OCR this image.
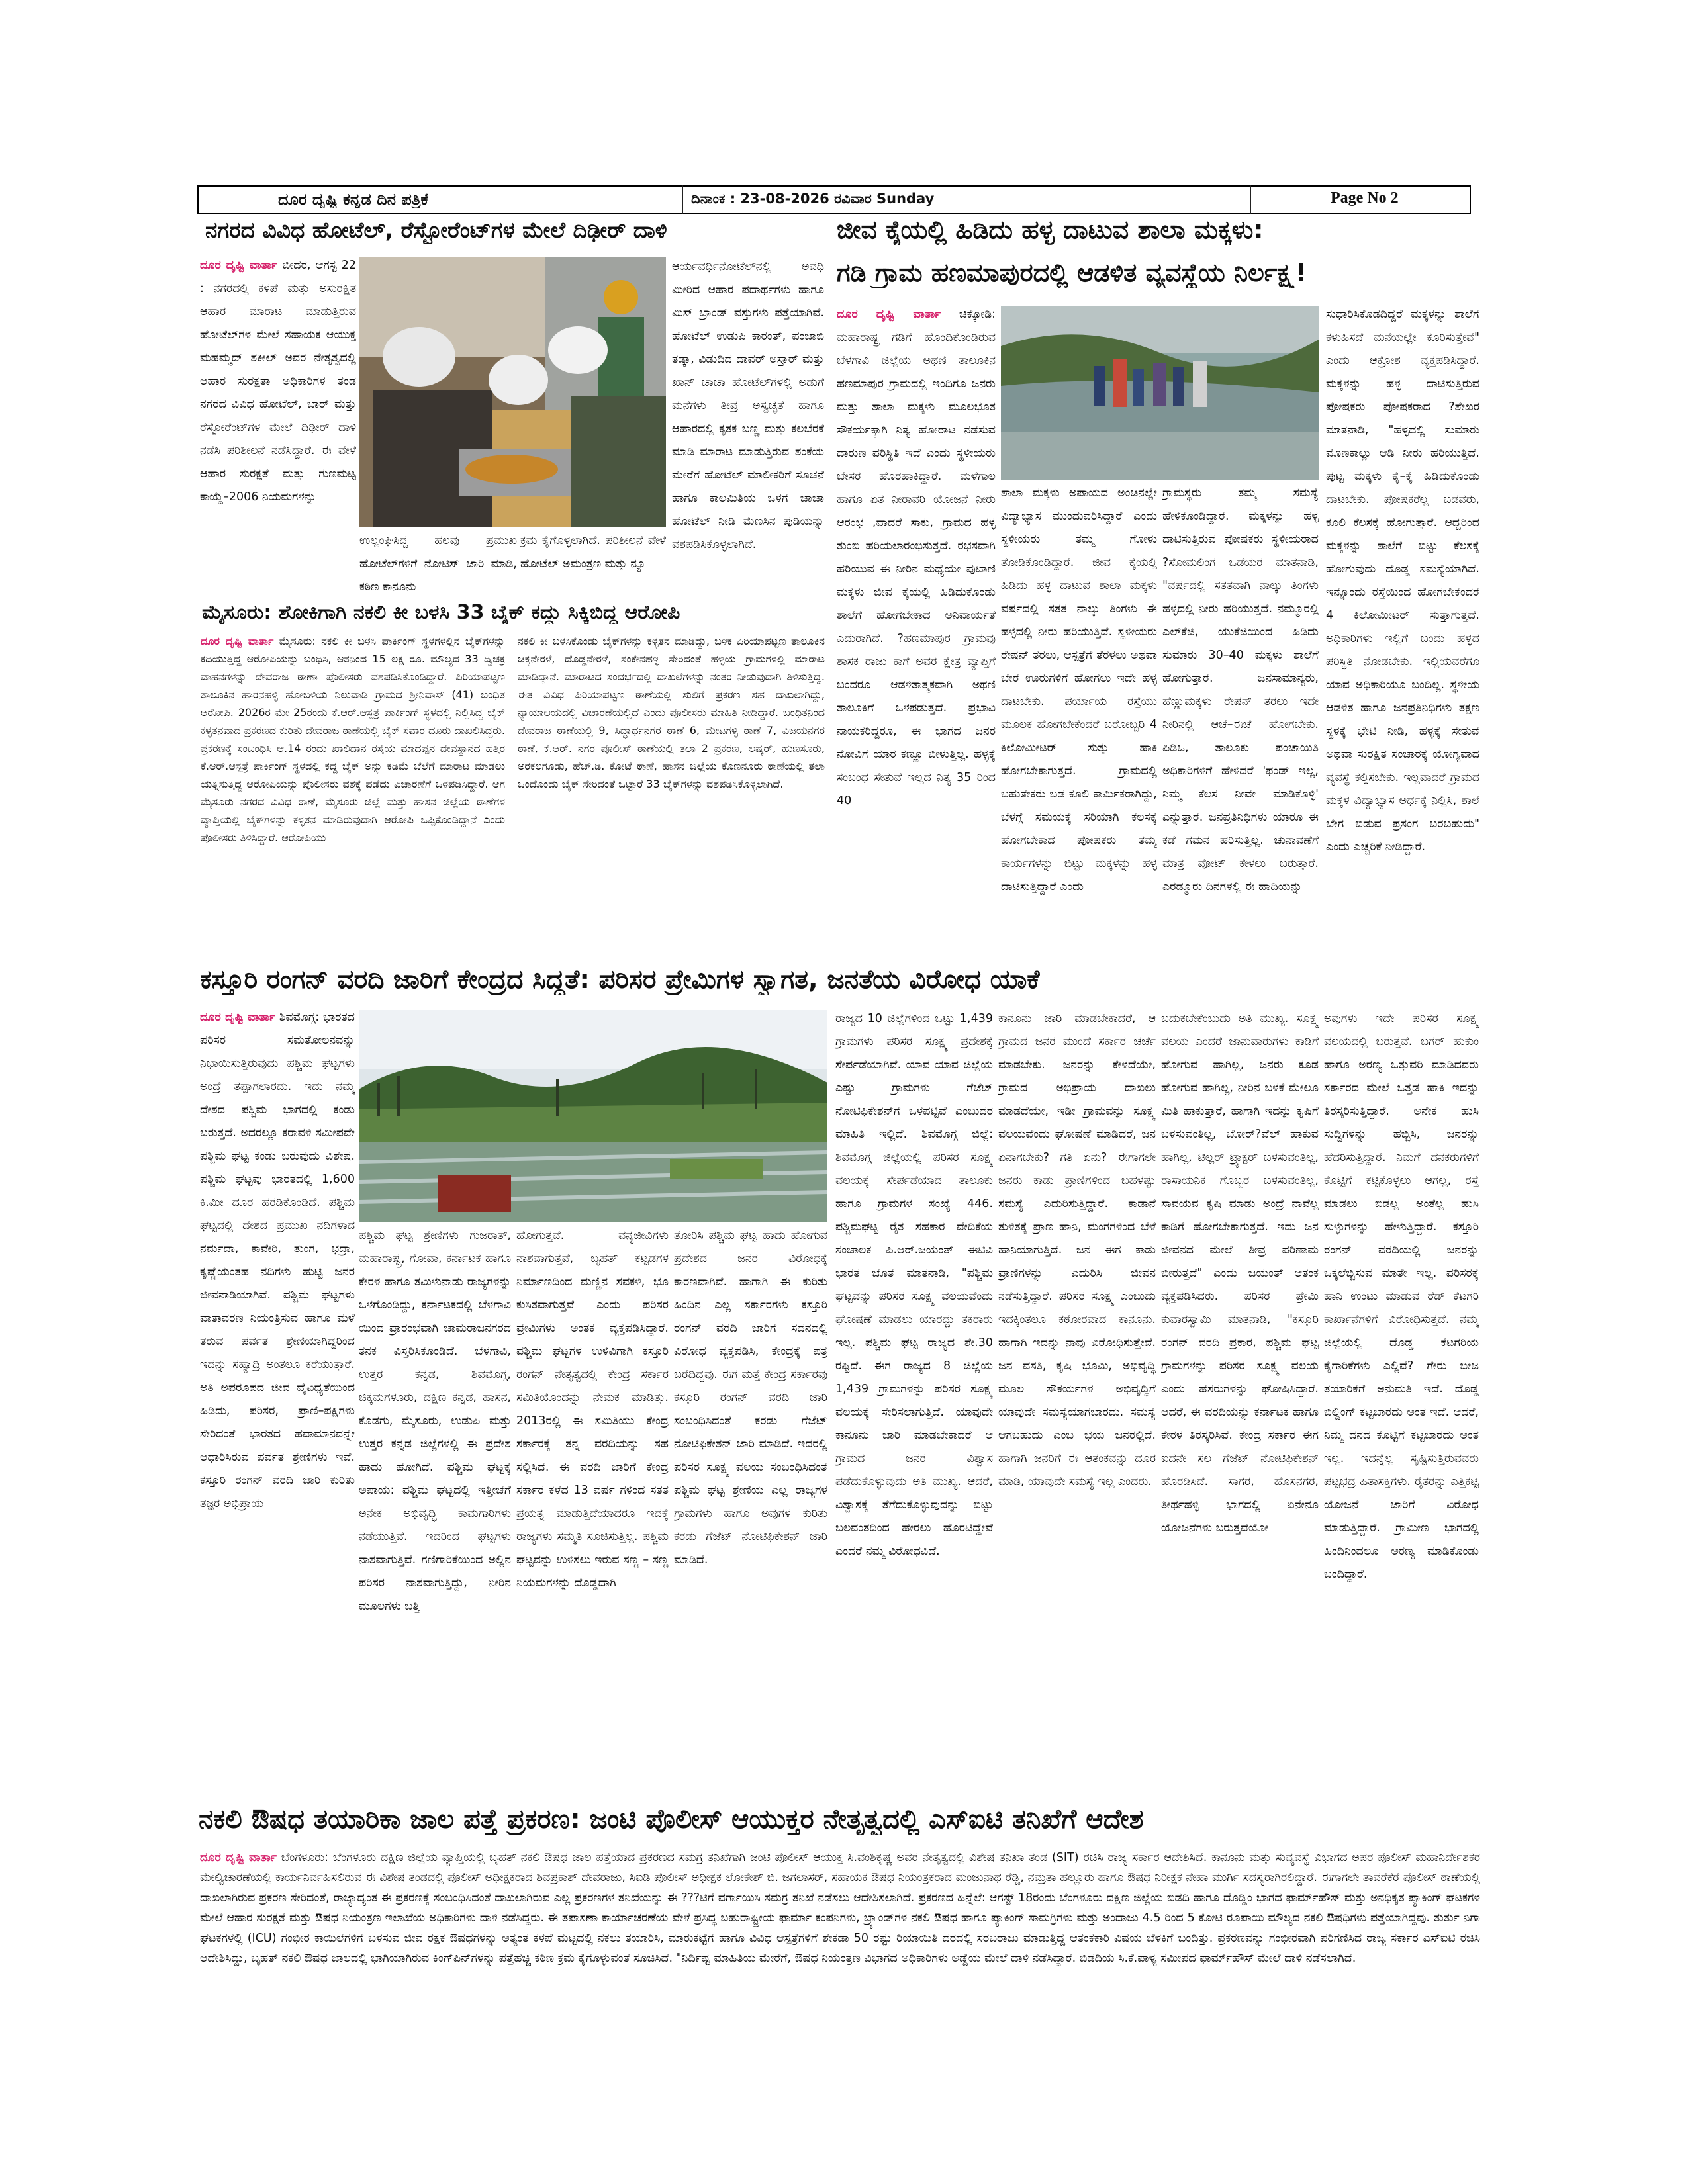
ದೂರ ದೃಷ್ಟಿ ಕನ್ನಡ ದಿನ ಪತ್ರಿಕೆ	ದಿನಾಂಕ : 23-08-2026 ರವಿವಾರ Sunday	Page No 2
ನಗರದ ವಿವಿಧ ಹೋಟೆಲ್, ರೆಸ್ಟೋರೆಂಟ್‌ಗಳ ಮೇಲೆ ದಿಢೀರ್ ದಾಳಿ
ದೂರ ದೃಷ್ಟಿ ವಾರ್ತಾ ಬೀದರ, ಆಗಸ್ಟ 22 : ನಗರದಲ್ಲಿ ಕಳಪೆ ಮತ್ತು ಅಸುರಕ್ಷಿತ ಆಹಾರ ಮಾರಾಟ ಮಾಡುತ್ತಿರುವ ಹೋಟೆಲ್‌ಗಳ ಮೇಲೆ ಸಹಾಯಕ ಆಯುಕ್ತ ಮಹಮ್ಮದ್ ಶಕೀಲ್ ಅವರ ನೇತೃತ್ವದಲ್ಲಿ ಆಹಾರ ಸುರಕ್ಷತಾ ಅಧಿಕಾರಿಗಳ ತಂಡ ನಗರದ ವಿವಿಧ ಹೋಟೆಲ್, ಬಾರ್ ಮತ್ತು ರೆಸ್ಟೋರೆಂಟ್‌ಗಳ ಮೇಲೆ ದಿಢೀರ್ ದಾಳಿ ನಡೆಸಿ ಪರಿಶೀಲನೆ ನಡೆಸಿದ್ದಾರೆ. ಈ ವೇಳೆ ಆಹಾರ ಸುರಕ್ಷತೆ ಮತ್ತು ಗುಣಮಟ್ಟ ಕಾಯ್ದೆ–2006 ನಿಯಮಗಳನ್ನು
ಉಲ್ಲಂಘಿಸಿದ್ದ ಹಲವು ಪ್ರಮುಖ ಹೋಟೆಲ್‌ಗಳಿಗೆ ನೋಟಿಸ್ ಜಾರಿ ಮಾಡಿ, ಕಠಿಣ ಕಾನೂನು
ಕ್ರಮ ಕೈಗೊಳ್ಳಲಾಗಿದೆ. ಪರಿಶೀಲನೆ ವೇಳೆ ಹೋಟೆಲ್ ಅಮಂತ್ರಣ ಮತ್ತು ನ್ಯೂ
ಆರ್ಯವರ್ಧಿನೋಟೆಲ್‌ನಲ್ಲಿ ಅವಧಿ ಮೀರಿದ ಆಹಾರ ಪದಾರ್ಥಗಳು ಹಾಗೂ ಮಿಸ್ ಬ್ರಾಂಡ್ ವಸ್ತುಗಳು ಪತ್ತೆಯಾಗಿವೆ. ಹೋಟೆಲ್ ಉಡುಪಿ ಕಾರಂತ್, ಪಂಜಾಬಿ ತಡ್ಕಾ, ವಿಡುದಿದ ದಾವರ್ ಅಸ್ತಾರ್ ಮತ್ತು ಖಾನ್ ಚಾಚಾ ಹೋಟೆಲ್‌ಗಳಲ್ಲಿ ಅಡುಗೆ ಮನೆಗಳು ತೀವ್ರ ಅಸ್ವಚ್ಛತೆ ಹಾಗೂ ಆಹಾರದಲ್ಲಿ ಕೃತಕ ಬಣ್ಣ ಮತ್ತು ಕಲಬೆರಕೆ ಮಾಡಿ ಮಾರಾಟ ಮಾಡುತ್ತಿರುವ ಶಂಕೆಯ ಮೇರೆಗೆ ಹೋಟೆಲ್ ಮಾಲೀಕರಿಗೆ ಸೂಚನೆ ಹಾಗೂ ಕಾಲಮಿತಿಯ ಒಳಗೆ ಚಾಚಾ ಹೋಟೆಲ್ ನೀಡಿ ಮೆಣಸಿನ ಪುಡಿಯನ್ನು ವಶಪಡಿಸಿಕೊಳ್ಳಲಾಗಿದೆ.
ಮೈಸೂರು: ಶೋಕಿಗಾಗಿ ನಕಲಿ ಕೀ ಬಳಸಿ 33 ಬೈಕ್ ಕದ್ದು ಸಿಕ್ಕಿಬಿದ್ದ ಆರೋಪಿ
ದೂರ ದೃಷ್ಟಿ ವಾರ್ತಾ ಮೈಸೂರು: ನಕಲಿ ಕೀ ಬಳಸಿ ಪಾರ್ಕಿಂಗ್ ಸ್ಥಳಗಳಲ್ಲಿನ ಬೈಕ್‌ಗಳನ್ನು ಕದಿಯುತ್ತಿದ್ದ ಆರೋಪಿಯನ್ನು ಬಂಧಿಸಿ, ಆತನಿಂದ 15 ಲಕ್ಷ ರೂ. ಮೌಲ್ಯದ 33 ದ್ವಿಚಕ್ರ ವಾಹನಗಳನ್ನು ದೇವರಾಜ ಠಾಣಾ ಪೊಲೀಸರು ವಶಪಡಿಸಿಕೊಂಡಿದ್ದಾರೆ. ಪಿರಿಯಾಪಟ್ಟಣ ತಾಲೂಕಿನ ಹಾರನಹಳ್ಳಿ ಹೋಬಳಿಯ ನಿಲುವಾಡಿ ಗ್ರಾಮದ ಶ್ರೀನಿವಾಸ್ (41) ಬಂಧಿತ ಆರೋಪಿ. 2026ರ ಮೇ 25ರಂದು ಕೆ.ಆರ್.ಆಸ್ಪತ್ರೆ ಪಾರ್ಕಿಂಗ್ ಸ್ಥಳದಲ್ಲಿ ನಿಲ್ಲಿಸಿದ್ದ ಬೈಕ್ ಕಳ್ಳತನವಾದ ಪ್ರಕರಣದ ಕುರಿತು ದೇವರಾಜ ಠಾಣೆಯಲ್ಲಿ ಬೈಕ್ ಸವಾರ ದೂರು ದಾಖಲಿಸಿದ್ದರು. ಪ್ರಕರಣಕ್ಕೆ ಸಂಬಂಧಿಸಿ ಆ.14 ರಂದು ಖಾಲಿದಾನ ರಸ್ತೆಯ ಮಾದಪ್ಪನ ದೇವಸ್ಥಾನದ ಹತ್ತಿರ ಕೆ.ಆರ್.ಆಸ್ಪತ್ರೆ ಪಾರ್ಕಿಂಗ್ ಸ್ಥಳದಲ್ಲಿ ಕದ್ದ ಬೈಕ್ ಅನ್ನು ಕಡಿಮೆ ಬೆಲೆಗೆ ಮಾರಾಟ ಮಾಡಲು ಯತ್ನಿಸುತ್ತಿದ್ದ ಆರೋಪಿಯನ್ನು ಪೊಲೀಸರು ವಶಕ್ಕೆ ಪಡೆದು ವಿಚಾರಣೆಗೆ ಒಳಪಡಿಸಿದ್ದಾರೆ. ಆಗ ಮೈಸೂರು ನಗರದ ವಿವಿಧ ಠಾಣೆ, ಮೈಸೂರು ಜಿಲ್ಲೆ ಮತ್ತು ಹಾಸನ ಜಿಲ್ಲೆಯ ಠಾಣೆಗಳ ವ್ಯಾಪ್ತಿಯಲ್ಲಿ ಬೈಕ್‌ಗಳನ್ನು ಕಳ್ಳತನ ಮಾಡಿರುವುದಾಗಿ ಆರೋಪಿ ಒಪ್ಪಿಕೊಂಡಿದ್ದಾನೆ ಎಂದು ಪೊಲೀಸರು ತಿಳಿಸಿದ್ದಾರೆ. ಆರೋಪಿಯು
ನಕಲಿ ಕೀ ಬಳಸಿಕೊಂಡು ಬೈಕ್‌ಗಳನ್ನು ಕಳ್ಳತನ ಮಾಡಿದ್ದು, ಬಳಿಕ ಪಿರಿಯಾಪಟ್ಟಣ ತಾಲೂಕಿನ ಚಿಕ್ಕನೇರಳೆ, ದೊಡ್ಡನೇರಳೆ, ಸಂಕೇನಹಳ್ಳಿ ಸೇರಿದಂತೆ ಹಳ್ಳಿಯ ಗ್ರಾಮಗಳಲ್ಲಿ ಮಾರಾಟ ಮಾಡಿದ್ದಾನೆ. ಮಾರಾಟದ ಸಂದರ್ಭದಲ್ಲಿ ದಾಖಲೆಗಳನ್ನು ನಂತರ ನೀಡುವುದಾಗಿ ತಿಳಿಸುತ್ತಿದ್ದ. ಈತ ವಿವಿಧ ಪಿರಿಯಾಪಟ್ಟಣ ಠಾಣೆಯಲ್ಲಿ ಸುಲಿಗೆ ಪ್ರಕರಣ ಸಹ ದಾಖಲಾಗಿದ್ದು, ನ್ಯಾಯಾಲಯದಲ್ಲಿ ವಿಚಾರಣೆಯಲ್ಲಿದೆ ಎಂದು ಪೊಲೀಸರು ಮಾಹಿತಿ ನೀಡಿದ್ದಾರೆ. ಬಂಧಿತನಿಂದ ದೇವರಾಜ ಠಾಣೆಯಲ್ಲಿ 9, ಸಿದ್ಧಾರ್ಥನಗರ ಠಾಣೆ 6, ಮೇಟಗಳ್ಳಿ ಠಾಣೆ 7, ವಿಜಯನಗರ ಠಾಣೆ, ಕೆ.ಆರ್. ನಗರ ಪೊಲೀಸ್ ಠಾಣೆಯಲ್ಲಿ ತಲಾ 2 ಪ್ರಕರಣ, ಲಷ್ಕರ್, ಹುಣಸೂರು, ಅರಕಲಗೂಡು, ಹೆಚ್.ಡಿ. ಕೋಟೆ ಠಾಣೆ, ಹಾಸನ ಜಿಲ್ಲೆಯ ಕೊಣನೂರು ಠಾಣೆಯಲ್ಲಿ ತಲಾ ಒಂದೊಂದು ಬೈಕ್ ಸೇರಿದಂತೆ ಒಟ್ಟಾರೆ 33 ಬೈಕ್‌ಗಳನ್ನು ವಶಪಡಿಸಿಕೊಳ್ಳಲಾಗಿದೆ.
ಜೀವ ಕೈಯಲ್ಲಿ ಹಿಡಿದು ಹಳ್ಳ ದಾಟುವ ಶಾಲಾ ಮಕ್ಕಳು:
ಗಡಿ ಗ್ರಾಮ ಹಣಮಾಪುರದಲ್ಲಿ ಆಡಳಿತ ವ್ಯವಸ್ಥೆಯ ನಿರ್ಲಕ್ಷ್ಯ!
ದೂರ ದೃಷ್ಟಿ ವಾರ್ತಾ ಚಿಕ್ಕೋಡಿ: ಮಹಾರಾಷ್ಟ್ರ ಗಡಿಗೆ ಹೊಂದಿಕೊಂಡಿರುವ ಬೆಳಗಾವಿ ಜಿಲ್ಲೆಯ ಅಥಣಿ ತಾಲೂಕಿನ ಹಣಮಾಪುರ ಗ್ರಾಮದಲ್ಲಿ ಇಂದಿಗೂ ಜನರು ಮತ್ತು ಶಾಲಾ ಮಕ್ಕಳು ಮೂಲಭೂತ ಸೌಕರ್ಯಕ್ಕಾಗಿ ನಿತ್ಯ ಹೋರಾಟ ನಡೆಸುವ ದಾರುಣ ಪರಿಸ್ಥಿತಿ ಇದೆ ಎಂದು ಸ್ಥಳೀಯರು ಬೇಸರ ಹೊರಹಾಕಿದ್ದಾರೆ. ಮಳೆಗಾಲ ಹಾಗೂ ಏತ ನೀರಾವರಿ ಯೋಜನೆ ನೀರು ಆರಂಭ ,ವಾದರೆ ಸಾಕು, ಗ್ರಾಮದ ಹಳ್ಳ ತುಂಬಿ ಹರಿಯಲಾರಂಭಿಸುತ್ತದೆ. ರಭಸವಾಗಿ ಹರಿಯುವ ಈ ನೀರಿನ ಮಧ್ಯೆಯೇ ಪುಟಾಣಿ ಮಕ್ಕಳು ಜೀವ ಕೈಯಲ್ಲಿ ಹಿಡಿದುಕೊಂಡು ಶಾಲೆಗೆ ಹೋಗಬೇಕಾದ ಅನಿವಾರ್ಯತೆ ಎದುರಾಗಿದೆ. ?ಹಣಮಾಪುರ ಗ್ರಾಮವು ಶಾಸಕ ರಾಜು ಕಾಗೆ ಅವರ ಕ್ಷೇತ್ರ ವ್ಯಾಪ್ತಿಗೆ ಬಂದರೂ ಆಡಳಿತಾತ್ಮಕವಾಗಿ ಅಥಣಿ ತಾಲೂಕಿಗೆ ಒಳಪಡುತ್ತದೆ. ಪ್ರಭಾವಿ ನಾಯಕರಿದ್ದರೂ, ಈ ಭಾಗದ ಜನರ ನೋವಿಗೆ ಯಾರ ಕಣ್ಣೂ ಬೀಳುತ್ತಿಲ್ಲ. ಹಳ್ಳಕ್ಕೆ ಸಂಬಂಧ ಸೇತುವೆ ಇಲ್ಲದ ನಿತ್ಯ 35 ರಿಂದ 40
ಶಾಲಾ ಮಕ್ಕಳು ಅಪಾಯದ ಅಂಚಿನಲ್ಲೇ ವಿದ್ಯಾಭ್ಯಾಸ ಮುಂದುವರಿಸಿದ್ದಾರೆ ಎಂದು ಸ್ಥಳೀಯರು ತಮ್ಮ ಗೋಳು ತೋಡಿಕೊಂಡಿದ್ದಾರೆ. ಜೀವ ಕೈಯಲ್ಲಿ ಹಿಡಿದು ಹಳ್ಳ ದಾಟುವ ಶಾಲಾ ಮಕ್ಕಳು ವರ್ಷದಲ್ಲಿ ಸತತ ನಾಲ್ಕು ತಿಂಗಳು ಈ ಹಳ್ಳದಲ್ಲಿ ನೀರು ಹರಿಯುತ್ತಿದೆ. ಸ್ಥಳೀಯರು ರೇಷನ್ ತರಲು, ಆಸ್ಪತ್ರೆಗೆ ತೆರಳಲು ಅಥವಾ ಬೇರೆ ಊರುಗಳಿಗೆ ಹೋಗಲು ಇದೇ ಹಳ್ಳ ದಾಟಬೇಕು. ಪರ್ಯಾಯ ರಸ್ತೆಯು ಮೂಲಕ ಹೋಗಬೇಕೆಂದರೆ ಬರೋಬ್ಬರಿ 4 ಕಿಲೋಮೀಟರ್ ಸುತ್ತು ಹಾಕಿ ಹೋಗಬೇಕಾಗುತ್ತದೆ. ಗ್ರಾಮದಲ್ಲಿ ಬಹುತೇಕರು ಬಡ ಕೂಲಿ ಕಾರ್ಮಿಕರಾಗಿದ್ದು, ಬೆಳಗ್ಗೆ ಸಮಯಕ್ಕೆ ಸರಿಯಾಗಿ ಕೆಲಸಕ್ಕೆ ಹೋಗಬೇಕಾದ ಪೋಷಕರು ತಮ್ಮ ಕಾರ್ಯಗಳನ್ನು ಬಿಟ್ಟು ಮಕ್ಕಳನ್ನು ಹಳ್ಳ ದಾಟಿಸುತ್ತಿದ್ದಾರೆ ಎಂದು
ಗ್ರಾಮಸ್ಥರು ತಮ್ಮ ಸಮಸ್ಯೆ ಹೇಳಿಕೊಂಡಿದ್ದಾರೆ. ಮಕ್ಕಳನ್ನು ಹಳ್ಳ ದಾಟಿಸುತ್ತಿರುವ ಪೋಷಕರು ಸ್ಥಳೀಯರಾದ ?ಸೋಮಲಿಂಗ ಒಡೆಯರ ಮಾತನಾಡಿ, "ವರ್ಷದಲ್ಲಿ ಸತತವಾಗಿ ನಾಲ್ಕು ತಿಂಗಳು ಹಳ್ಳದಲ್ಲಿ ನೀರು ಹರಿಯುತ್ತದೆ. ನಮ್ಮೂರಲ್ಲಿ ಎಲ್‌ಕೆಜಿ, ಯುಕೆಜಿಯಿಂದ ಹಿಡಿದು ಸುಮಾರು 30–40 ಮಕ್ಕಳು ಶಾಲೆಗೆ ಹೋಗುತ್ತಾರೆ. ಜನಸಾಮಾನ್ಯರು, ಹೆಣ್ಣುಮಕ್ಕಳು ರೇಷನ್ ತರಲು ಇದೇ ನೀರಿನಲ್ಲಿ ಆಚೆ–ಈಚೆ ಹೋಗಬೇಕು. ಪಿಡಿಒ, ತಾಲೂಕು ಪಂಚಾಯಿತಿ ಅಧಿಕಾರಿಗಳಿಗೆ ಹೇಳಿದರೆ 'ಫಂಡ್ ಇಲ್ಲ, ನಿಮ್ಮ ಕೆಲಸ ನೀವೇ ಮಾಡಿಕೊಳ್ಳಿ' ಎನ್ನುತ್ತಾರೆ. ಜನಪ್ರತಿನಿಧಿಗಳು ಯಾರೂ ಈ ಕಡೆ ಗಮನ ಹರಿಸುತ್ತಿಲ್ಲ. ಚುನಾವಣೆಗೆ ಮಾತ್ರ ವೋಟ್ ಕೇಳಲು ಬರುತ್ತಾರೆ. ಎರಡ್ಮೂರು ದಿನಗಳಲ್ಲಿ ಈ ಹಾದಿಯನ್ನು
ಸುಧಾರಿಸಿಕೊಡದಿದ್ದರೆ ಮಕ್ಕಳನ್ನು ಶಾಲೆಗೆ ಕಳುಹಿಸದೆ ಮನೆಯಲ್ಲೇ ಕೂರಿಸುತ್ತೇವೆ" ಎಂದು ಆಕ್ರೋಶ ವ್ಯಕ್ತಪಡಿಸಿದ್ದಾರೆ. ಮಕ್ಕಳನ್ನು ಹಳ್ಳ ದಾಟಿಸುತ್ತಿರುವ ಪೋಷಕರು ಪೋಷಕರಾದ ?ಶೇಖರ ಮಾತನಾಡಿ, "ಹಳ್ಳದಲ್ಲಿ ಸುಮಾರು ಮೊಣಕಾಲ್ಲು ಆಡಿ ನೀರು ಹರಿಯುತ್ತಿದೆ. ಪುಟ್ಟ ಮಕ್ಕಳು ಕೈ–ಕೈ ಹಿಡಿದುಕೊಂಡು ದಾಟಬೇಕು. ಪೋಷಕರೆಲ್ಲ ಬಡವರು, ಕೂಲಿ ಕೆಲಸಕ್ಕೆ ಹೋಗುತ್ತಾರೆ. ಆದ್ದರಿಂದ ಮಕ್ಕಳನ್ನು ಶಾಲೆಗೆ ಬಿಟ್ಟು ಕೆಲಸಕ್ಕೆ ಹೋಗುವುದು ದೊಡ್ಡ ಸಮಸ್ಯೆಯಾಗಿದೆ. ಇನ್ನೊಂದು ರಸ್ತೆಯಿಂದ ಹೋಗಬೇಕೆಂದರೆ 4 ಕಿಲೋಮೀಟರ್ ಸುತ್ತಾಗುತ್ತದೆ. ಅಧಿಕಾರಿಗಳು ಇಲ್ಲಿಗೆ ಬಂದು ಹಳ್ಳದ ಪರಿಸ್ಥಿತಿ ನೋಡಬೇಕು. ಇಲ್ಲಿಯವರೆಗೂ ಯಾವ ಅಧಿಕಾರಿಯೂ ಬಂದಿಲ್ಲ. ಸ್ಥಳೀಯ ಆಡಳಿತ ಹಾಗೂ ಜನಪ್ರತಿನಿಧಿಗಳು ತಕ್ಷಣ ಸ್ಥಳಕ್ಕೆ ಭೇಟಿ ನೀಡಿ, ಹಳ್ಳಕ್ಕೆ ಸೇತುವೆ ಅಥವಾ ಸುರಕ್ಷಿತ ಸಂಚಾರಕ್ಕೆ ಯೋಗ್ಯವಾದ ವ್ಯವಸ್ಥೆ ಕಲ್ಪಿಸಬೇಕು. ಇಲ್ಲವಾದರೆ ಗ್ರಾಮದ ಮಕ್ಕಳ ವಿದ್ಯಾಭ್ಯಾಸ ಅರ್ಧಕ್ಕೆ ನಿಲ್ಲಿಸಿ, ಶಾಲೆ ಬೇಗ ಬಿಡುವ ಪ್ರಸಂಗ ಬರಬಹುದು" ಎಂದು ಎಚ್ಚರಿಕೆ ನೀಡಿದ್ದಾರೆ.
ಕಸ್ತೂರಿ ರಂಗನ್ ವರದಿ ಜಾರಿಗೆ ಕೇಂದ್ರದ ಸಿದ್ಧತೆ: ಪರಿಸರ ಪ್ರೇಮಿಗಳ ಸ್ವಾಗತ, ಜನತೆಯ ವಿರೋಧ ಯಾಕೆ
ದೂರ ದೃಷ್ಟಿ ವಾರ್ತಾ ಶಿವಮೊಗ್ಗ: ಭಾರತದ ಪರಿಸರ ಸಮತೋಲನವನ್ನು ನಿಭಾಯಿಸುತ್ತಿರುವುದು ಪಶ್ಚಿಮ ಘಟ್ಟಗಳು ಅಂದ್ರೆ ತಪ್ಪಾಗಲಾರದು. ಇದು ನಮ್ಮ ದೇಶದ ಪಶ್ಚಿಮ ಭಾಗದಲ್ಲಿ ಕಂಡು ಬರುತ್ತದೆ. ಅದರಲ್ಲೂ ಕರಾವಳಿ ಸಮೀಪವೇ ಪಶ್ಚಿಮ ಘಟ್ಟ ಕಂಡು ಬರುವುದು ವಿಶೇಷ. ಪಶ್ಚಿಮ ಘಟ್ಟವು ಭಾರತದಲ್ಲಿ 1,600 ಕಿ.ಮೀ ದೂರ ಹರಡಿಕೊಂಡಿದೆ. ಪಶ್ಚಿಮ ಘಟ್ಟದಲ್ಲಿ ದೇಶದ ಪ್ರಮುಖ ನದಿಗಳಾದ ನರ್ಮದಾ, ಕಾವೇರಿ, ತುಂಗ, ಭದ್ರಾ, ಕೃಷ್ಣೆಯಂತಹ ನದಿಗಳು ಹುಟ್ಟಿ ಜನರ ಜೀವನಾಡಿಯಾಗಿವೆ. ಪಶ್ಚಿಮ ಘಟ್ಟಗಳು ವಾತಾವರಣ ನಿಯಂತ್ರಿಸುವ ಹಾಗೂ ಮಳೆ ತರುವ ಪರ್ವತ ಶ್ರೇಣಿಯಾಗಿದ್ದರಿಂದ ಇದನ್ನು ಸಹ್ಯಾದ್ರಿ ಅಂತಲೂ ಕರೆಯುತ್ತಾರೆ. ಅತಿ ಅಪರೂಪದ ಜೀವ ವೈವಿಧ್ಯತೆಯಿಂದ ಹಿಡಿದು, ಪರಿಸರ, ಪ್ರಾಣಿ–ಪಕ್ಷಿಗಳು ಸೇರಿದಂತೆ ಭಾರತದ ಹವಾಮಾನವನ್ನೇ ಆಧಾರಿಸಿರುವ ಪರ್ವತ ಶ್ರೇಣಿಗಳು ಇವೆ. ಕಸ್ತೂರಿ ರಂಗನ್ ವರದಿ ಜಾರಿ ಕುರಿತು ತಜ್ಞರ ಅಭಿಪ್ರಾಯ
ಪಶ್ಚಿಮ ಘಟ್ಟ ಶ್ರೇಣಿಗಳು ಗುಜರಾತ್, ಮಹಾರಾಷ್ಟ್ರ, ಗೋವಾ, ಕರ್ನಾಟಕ ಹಾಗೂ ಕೇರಳ ಹಾಗೂ ತಮಿಳುನಾಡು ರಾಜ್ಯಗಳನ್ನು ಒಳಗೊಂಡಿದ್ದು, ಕರ್ನಾಟಕದಲ್ಲಿ ಬೆಳಗಾವಿ ಯಿಂದ ಪ್ರಾರಂಭವಾಗಿ ಚಾಮರಾಜನಗರದ ತನಕ ವಿಸ್ತರಿಸಿಕೊಂಡಿದೆ. ಬೆಳಗಾವಿ, ಉತ್ತರ ಕನ್ನಡ, ಶಿವಮೊಗ್ಗ, ಚಿಕ್ಕಮಗಳೂರು, ದಕ್ಷಿಣ ಕನ್ನಡ, ಹಾಸನ, ಕೊಡಗು, ಮೈಸೂರು, ಉಡುಪಿ ಮತ್ತು ಉತ್ತರ ಕನ್ನಡ ಜಿಲ್ಲೆಗಳಲ್ಲಿ ಈ ಪ್ರದೇಶ ಹಾದು ಹೋಗಿದೆ. ಪಶ್ಚಿಮ ಘಟ್ಟಕ್ಕೆ ಅಪಾಯ: ಪಶ್ಚಿಮ ಘಟ್ಟದಲ್ಲಿ ಇತ್ತೀಚೆಗೆ ಅನೇಕ ಅಭಿವೃದ್ಧಿ ಕಾಮಗಾರಿಗಳು ನಡೆಯುತ್ತಿವೆ. ಇದರಿಂದ ಘಟ್ಟಗಳು ನಾಶವಾಗುತ್ತಿವೆ. ಗಣಿಗಾರಿಕೆಯಿಂದ ಅಲ್ಲಿನ ಪರಿಸರ ನಾಶವಾಗುತ್ತಿದ್ದು, ನೀರಿನ ಮೂಲಗಳು ಬತ್ತಿ
ಹೋಗುತ್ತವೆ. ವನ್ಯಜೀವಿಗಳು ನಾಶವಾಗುತ್ತವೆ, ಬೃಹತ್ ಕಟ್ಟಡಗಳ ನಿರ್ಮಾಣದಿಂದ ಮಣ್ಣಿನ ಸವಕಳಿ, ಭೂ ಕುಸಿತವಾಗುತ್ತವೆ ಎಂದು ಪರಿಸರ ಪ್ರೇಮಿಗಳು ಅಂತಕ ವ್ಯಕ್ತಪಡಿಸಿದ್ದಾರೆ. ಪಶ್ಚಿಮ ಘಟ್ಟಗಳ ಉಳಿವಿಗಾಗಿ ಕಸ್ತೂರಿ ರಂಗನ್ ನೇತೃತ್ವದಲ್ಲಿ ಕೇಂದ್ರ ಸರ್ಕಾರ ಸಮಿತಿಯೊಂದನ್ನು ನೇಮಕ ಮಾಡಿತ್ತು. 2013ರಲ್ಲಿ ಈ ಸಮಿತಿಯು ಕೇಂದ್ರ ಸರ್ಕಾರಕ್ಕೆ ತನ್ನ ವರದಿಯನ್ನು ಸಹ ಸಲ್ಲಿಸಿದೆ. ಈ ವರದಿ ಜಾರಿಗೆ ಕೇಂದ್ರ ಸರ್ಕಾರ ಕಳೆದ 13 ವರ್ಷ ಗಳಿಂದ ಸತತ ಪ್ರಯತ್ನ ಮಾಡುತ್ತಿದೆಯಾದರೂ ಇದಕ್ಕೆ ರಾಜ್ಯಗಳು ಸಮ್ಮತಿ ಸೂಚಿಸುತ್ತಿಲ್ಲ. ಪಶ್ಚಿಮ ಘಟ್ಟವನ್ನು ಉಳಿಸಲು ಇರುವ ಸಣ್ಣ – ಸಣ್ಣ ನಿಯಮಗಳನ್ನು ದೊಡ್ಡದಾಗಿ
ತೋರಿಸಿ ಪಶ್ಚಿಮ ಘಟ್ಟ ಹಾದು ಹೋಗುವ ಪ್ರದೇಶದ ಜನರ ವಿರೋಧಕ್ಕೆ ಕಾರಣವಾಗಿವೆ. ಹಾಗಾಗಿ ಈ ಕುರಿತು ಹಿಂದಿನ ಎಲ್ಲ ಸರ್ಕಾರಗಳು ಕಸ್ತೂರಿ ರಂಗನ್ ವರದಿ ಜಾರಿಗೆ ಸದನದಲ್ಲಿ ವಿರೋಧ ವ್ಯಕ್ತಪಡಿಸಿ, ಕೇಂದ್ರಕ್ಕೆ ಪತ್ರ ಬರೆದಿದ್ದವು. ಈಗ ಮತ್ತೆ ಕೇಂದ್ರ ಸರ್ಕಾರವು ಕಸ್ತೂರಿ ರಂಗನ್ ವರದಿ ಜಾರಿ ಸಂಬಂಧಿಸಿದಂತೆ ಕರಡು ಗೆಜೆಟ್ ನೋಟಿಫಿಕೇಶನ್ ಜಾರಿ ಮಾಡಿದೆ. ಇದರಲ್ಲಿ ಪರಿಸರ ಸೂಕ್ಷ್ಮ ವಲಯ ಸಂಬಂಧಿಸಿದಂತೆ ಪಶ್ಚಿಮ ಘಟ್ಟ ಶ್ರೇಣಿಯ ಎಲ್ಲ ರಾಜ್ಯಗಳ ಗ್ರಾಮಗಳು ಹಾಗೂ ಅವುಗಳ ಕುರಿತು ಕರಡು ಗೆಜೆಟ್ ನೋಟಿಫಿಕೇಶನ್ ಜಾರಿ ಮಾಡಿದೆ.
ರಾಜ್ಯದ 10 ಜಿಲ್ಲೆಗಳಿಂದ ಒಟ್ಟು 1,439 ಗ್ರಾಮಗಳು ಪರಿಸರ ಸೂಕ್ಷ್ಮ ಪ್ರದೇಶಕ್ಕೆ ಸೇರ್ಪಡೆಯಾಗಿವೆ. ಯಾವ ಯಾವ ಜಿಲ್ಲೆಯ ಎಷ್ಟು ಗ್ರಾಮಗಳು ಗೆಜೆಟ್ ನೋಟಿಫಿಕೇಶನ್‌ಗೆ ಒಳಪಟ್ಟಿವೆ ಎಂಬುದರ ಮಾಹಿತಿ ಇಲ್ಲಿದೆ. ಶಿವಮೊಗ್ಗ ಜಿಲ್ಲೆ: ಶಿವಮೊಗ್ಗ ಜಿಲ್ಲೆಯಲ್ಲಿ ಪರಿಸರ ಸೂಕ್ಷ್ಮ ವಲಯಕ್ಕೆ ಸೇರ್ಪಡೆಯಾದ ತಾಲೂಕು ಹಾಗೂ ಗ್ರಾಮಗಳ ಸಂಖ್ಯೆ 446. ಪಶ್ಚಿಮಘಟ್ಟ ರೈತ ಸಹಕಾರ ವೇದಿಕೆಯ ಸಂಚಾಲಕ ಪಿ.ಆರ್.ಜಯಂತ್ ಈಟಿವಿ ಭಾರತ ಜೊತೆ ಮಾತನಾಡಿ, "ಪಶ್ಚಿಮ ಘಟ್ಟವನ್ನು ಪರಿಸರ ಸೂಕ್ಷ್ಮ ವಲಯವೆಂದು ಘೋಷಣೆ ಮಾಡಲು ಯಾರದ್ದು ತಕರಾರು ಇಲ್ಲ. ಪಶ್ಚಿಮ ಘಟ್ಟ ರಾಜ್ಯದ ಶೇ.30 ರಷ್ಟಿದೆ. ಈಗ ರಾಜ್ಯದ 8 ಜಿಲ್ಲೆಯ 1,439 ಗ್ರಾಮಗಳನ್ನು ಪರಿಸರ ಸೂಕ್ಷ್ಮ ವಲಯಕ್ಕೆ ಸೇರಿಸಲಾಗುತ್ತಿದೆ. ಯಾವುದೇ ಕಾನೂನು ಜಾರಿ ಮಾಡಬೇಕಾದರೆ ಆ ಗ್ರಾಮದ ಜನರ ವಿಶ್ವಾಸ ಪಡೆದುಕೊಳ್ಳುವುದು ಅತಿ ಮುಖ್ಯ. ಆದರೆ, ವಿಶ್ವಾಸಕ್ಕೆ ತೆಗೆದುಕೊಳ್ಳುವುದನ್ನು ಬಿಟ್ಟು ಬಲವಂತದಿಂದ ಹೇರಲು ಹೊರಟಿದ್ದೇವೆ ಎಂದರೆ ನಮ್ಮ ವಿರೋಧವಿದೆ.
ಕಾನೂನು ಜಾರಿ ಮಾಡಬೇಕಾದರೆ, ಆ ಗ್ರಾಮದ ಜನರ ಮುಂದೆ ಸರ್ಕಾರ ಚರ್ಚೆ ಮಾಡಬೇಕು. ಜನರನ್ನು ಕೇಳದೆಯೇ, ಗ್ರಾಮದ ಅಭಿಪ್ರಾಯ ದಾಖಲು ಮಾಡದೆಯೇ, ಇಡೀ ಗ್ರಾಮವನ್ನು ಸೂಕ್ಷ್ಮ ವಲಯವೆಂದು ಘೋಷಣೆ ಮಾಡಿದರೆ, ಜನ ಏನಾಗಬೇಕು? ಗತಿ ಏನು? ಈಗಾಗಲೇ ಜನರು ಕಾಡು ಪ್ರಾಣಿಗಳಿಂದ ಬಹಳಷ್ಟು ಸಮಸ್ಯೆ ಎದುರಿಸುತ್ತಿದ್ದಾರೆ. ಕಾಡಾನೆ ತುಳಿತಕ್ಕೆ ಪ್ರಾಣ ಹಾನಿ, ಮಂಗಗಳಿಂದ ಬೆಳೆ ಹಾನಿಯಾಗುತ್ತಿದೆ. ಜನ ಈಗ ಕಾಡು ಪ್ರಾಣಿಗಳನ್ನು ಎದುರಿಸಿ ಜೀವನ ನಡೆಸುತ್ತಿದ್ದಾರೆ. ಪರಿಸರ ಸೂಕ್ಷ್ಮ ಎಂಬುದು ಇದಕ್ಕಿಂತಲೂ ಕಠೋರವಾದ ಕಾನೂನು. ಹಾಗಾಗಿ ಇದನ್ನು ನಾವು ವಿರೋಧಿಸುತ್ತೇವೆ. ಜನ ವಸತಿ, ಕೃಷಿ ಭೂಮಿ, ಅಭಿವೃದ್ಧಿ ಮೂಲ ಸೌಕರ್ಯಗಳ ಅಭಿವೃದ್ಧಿಗೆ ಯಾವುದೇ ಸಮಸ್ಯೆಯಾಗಬಾರದು. ಸಮಸ್ಯೆ ಆಗಬಹುದು ಎಂಬ ಭಯ ಜನರಲ್ಲಿದೆ. ಹಾಗಾಗಿ ಜನರಿಗೆ ಈ ಆತಂಕವನ್ನು ದೂರ ಮಾಡಿ, ಯಾವುದೇ ಸಮಸ್ಯೆ ಇಲ್ಲ ಎಂದರು.
ಬದುಕಬೇಕೆಂಬುದು ಅತಿ ಮುಖ್ಯ. ಸೂಕ್ಷ್ಮ ವಲಯ ಎಂದರೆ ಜಾನುವಾರುಗಳು ಕಾಡಿಗೆ ಹೋಗುವ ಹಾಗಿಲ್ಲ, ಜನರು ಕೂಡ ಹೋಗುವ ಹಾಗಿಲ್ಲ, ನೀರಿನ ಬಳಕೆ ಮೇಲೂ ಮಿತಿ ಹಾಕುತ್ತಾರೆ, ಹಾಗಾಗಿ ಇದನ್ನು ಕೃಷಿಗೆ ಬಳಸುವಂತಿಲ್ಲ, ಬೋರ್?ವೆಲ್ ಹಾಕುವ ಹಾಗಿಲ್ಲ, ಟಿಲ್ಲರ್ ಟ್ರ್ಯಾಕ್ಟರ್ ಬಳಸುವಂತಿಲ್ಲ, ರಾಸಾಯನಿಕ ಗೊಬ್ಬರ ಬಳಸುವಂತಿಲ್ಲ, ಸಾವಯವ ಕೃಷಿ ಮಾಡು ಅಂದ್ರೆ ನಾವೆಲ್ಲ ಕಾಡಿಗೆ ಹೋಗಬೇಕಾಗುತ್ತದೆ. ಇದು ಜನ ಜೀವನದ ಮೇಲೆ ತೀವ್ರ ಪರಿಣಾಮ ಬೀರುತ್ತದೆ" ಎಂದು ಜಯಂತ್ ಆತಂಕ ವ್ಯಕ್ತಪಡಿಸಿದರು. ಪರಿಸರ ಪ್ರೇಮಿ ಕುವಾರಸ್ವಾಮಿ ಮಾತನಾಡಿ, "ಕಸ್ತೂರಿ ರಂಗನ್ ವರದಿ ಪ್ರಕಾರ, ಪಶ್ಚಿಮ ಘಟ್ಟ ಗ್ರಾಮಗಳನ್ನು ಪರಿಸರ ಸೂಕ್ಷ್ಮ ವಲಯ ಎಂದು ಹೆಸರುಗಳನ್ನು ಘೋಷಿಸಿದ್ದಾರೆ. ಆದರೆ, ಈ ವರದಿಯನ್ನು ಕರ್ನಾಟಕ ಹಾಗೂ ಕೇರಳ ತಿರಸ್ಕರಿಸಿವೆ. ಕೇಂದ್ರ ಸರ್ಕಾರ ಈಗ ಐದನೇ ಸಲ ಗೆಜೆಟ್ ನೋಟಿಫಿಕೇಶನ್ ಹೊರಡಿಸಿದೆ. ಸಾಗರ, ಹೊಸನಗರ, ತೀರ್ಥಹಳ್ಳಿ ಭಾಗದಲ್ಲಿ ಏನೇನೂ ಯೋಜನೆಗಳು ಬರುತ್ತವೆಯೋ
ಅವುಗಳು ಇದೇ ಪರಿಸರ ಸೂಕ್ಷ್ಮ ವಲಯದಲ್ಲಿ ಬರುತ್ತವೆ. ಬಗರ್ ಹುಕುಂ ಹಾಗೂ ಅರಣ್ಯ ಒತ್ತುವರಿ ಮಾಡಿದವರು ಸರ್ಕಾರದ ಮೇಲೆ ಒತ್ತಡ ಹಾಕಿ ಇದನ್ನು ತಿರಸ್ಕರಿಸುತ್ತಿದ್ದಾರೆ. ಅನೇಕ ಹುಸಿ ಸುದ್ದಿಗಳನ್ನು ಹಬ್ಬಿಸಿ, ಜನರನ್ನು ಹೆದರಿಸುತ್ತಿದ್ದಾರೆ. ನಿಮಗೆ ದನಕರುಗಳಿಗೆ ಕೊಟ್ಟಿಗೆ ಕಟ್ಟಿಕೊಳ್ಳಲು ಆಗಲ್ಲ, ರಸ್ತೆ ಮಾಡಲು ಬಿಡಲ್ಲ ಅಂತೆಲ್ಲ ಹುಸಿ ಸುಳ್ಳುಗಳನ್ನು ಹೇಳುತ್ತಿದ್ದಾರೆ. ಕಸ್ತೂರಿ ರಂಗನ್ ವರದಿಯಲ್ಲಿ ಜನರನ್ನು ಒಕ್ಕಲೆಬ್ಬಿಸುವ ಮಾತೇ ಇಲ್ಲ. ಪರಿಸರಕ್ಕೆ ಹಾನಿ ಉಂಟು ಮಾಡುವ ರೆಡ್ ಕೆಟಗರಿ ಕಾರ್ಖಾನೆಗಳಿಗೆ ವಿರೋಧಿಸುತ್ತದೆ. ನಮ್ಮ ಜಿಲ್ಲೆಯಲ್ಲಿ ದೊಡ್ಡ ಕೆಟಗರಿಯ ಕೈಗಾರಿಕೆಗಳು ಎಲ್ಲಿವೆ? ಗೇರು ಬೀಜ ತಯಾರಿಕೆಗೆ ಅನುಮತಿ ಇದೆ. ದೊಡ್ಡ ಬಿಲ್ಡಿಂಗ್ ಕಟ್ಟಬಾರದು ಅಂತ ಇದೆ. ಆದರೆ, ನಿಮ್ಮ ದನದ ಕೊಟ್ಟಿಗೆ ಕಟ್ಟಬಾರದು ಅಂತ ಇಲ್ಲ. ಇದನ್ನೆಲ್ಲ ಸೃಷ್ಟಿಸುತ್ತಿರುವವರು ಪಟ್ಟಭದ್ರ ಹಿತಾಸಕ್ತಿಗಳು. ರೈತರನ್ನು ಎತ್ತಿಕಟ್ಟಿ ಯೋಜನೆ ಜಾರಿಗೆ ವಿರೋಧ ಮಾಡುತ್ತಿದ್ದಾರೆ. ಗ್ರಾಮೀಣ ಭಾಗದಲ್ಲಿ ಹಿಂದಿನಿಂದಲೂ ಅರಣ್ಯ ಮಾಡಿಕೊಂಡು ಬಂದಿದ್ದಾರೆ.
ನಕಲಿ ಔಷಧ ತಯಾರಿಕಾ ಜಾಲ ಪತ್ತೆ ಪ್ರಕರಣ: ಜಂಟಿ ಪೊಲೀಸ್ ಆಯುಕ್ತರ ನೇತೃತ್ವದಲ್ಲಿ ಎಸ್‌ಐಟಿ ತನಿಖೆಗೆ ಆದೇಶ
ದೂರ ದೃಷ್ಟಿ ವಾರ್ತಾ ಬೆಂಗಳೂರು: ಬೆಂಗಳೂರು ದಕ್ಷಿಣ ಜಿಲ್ಲೆಯ ವ್ಯಾಪ್ತಿಯಲ್ಲಿ ಬೃಹತ್ ನಕಲಿ ಔಷಧ ಜಾಲ ಪತ್ತೆಯಾದ ಪ್ರಕರಣದ ಸಮಗ್ರ ತನಿಖೆಗಾಗಿ ಜಂಟಿ ಪೊಲೀಸ್ ಆಯುಕ್ತ ಸಿ.ವಂಶಿಕೃಷ್ಣ ಅವರ ನೇತೃತ್ವದಲ್ಲಿ ವಿಶೇಷ ತನಿಖಾ ತಂಡ (SIT) ರಚಿಸಿ ರಾಜ್ಯ ಸರ್ಕಾರ ಆದೇಶಿಸಿದೆ. ಕಾನೂನು ಮತ್ತು ಸುವ್ಯವಸ್ಥೆ ವಿಭಾಗದ ಅಪರ ಪೊಲೀಸ್ ಮಹಾನಿರ್ದೇಶಕರ ಮೇಲ್ವಿಚಾರಣೆಯಲ್ಲಿ ಕಾರ್ಯನಿರ್ವಹಿಸಲಿರುವ ಈ ವಿಶೇಷ ತಂಡದಲ್ಲಿ ಪೊಲೀಸ್ ಅಧೀಕ್ಷಕರಾದ ಶಿವಪ್ರಕಾಶ್ ದೇವರಾಜು, ಸಿಐಡಿ ಪೊಲೀಸ್ ಅಧೀಕ್ಷಕ ಲೋಕೇಶ್ ಬಿ. ಜಗಲಾಸರ್, ಸಹಾಯಕ ಔಷಧ ನಿಯಂತ್ರಕರಾದ ಮಂಜುನಾಥ ರೆಡ್ಡಿ, ನಮ್ರತಾ ಹಲ್ಲೂರು ಹಾಗೂ ಔಷಧ ನಿರೀಕ್ಷಕ ನೇಹಾ ಮುರ್ಗಿ ಸದಸ್ಯರಾಗಿರಲಿದ್ದಾರೆ. ಈಗಾಗಲೇ ತಾವರೆಕೆರೆ ಪೊಲೀಸ್ ಠಾಣೆಯಲ್ಲಿ ದಾಖಲಾಗಿರುವ ಪ್ರಕರಣ ಸೇರಿದಂತೆ, ರಾಜ್ಯಾದ್ಯಂತ ಈ ಪ್ರಕರಣಕ್ಕೆ ಸಂಬಂಧಿಸಿದಂತೆ ದಾಖಲಾಗಿರುವ ಎಲ್ಲ ಪ್ರಕರಣಗಳ ತನಿಖೆಯನ್ನು ಈ ???ಟಿಗೆ ವರ್ಗಾಯಿಸಿ ಸಮಗ್ರ ತನಿಖೆ ನಡೆಸಲು ಆದೇಶಿಸಲಾಗಿದೆ. ಪ್ರಕರಣದ ಹಿನ್ನೆಲೆ: ಆಗಸ್ಟ್ 18ರಂದು ಬೆಂಗಳೂರು ದಕ್ಷಿಣ ಜಿಲ್ಲೆಯ ಬಿಡದಿ ಹಾಗೂ ದೊಡ್ಡಿಂ ಭಾಗದ ಫಾರ್ಮ್‌ಹೌಸ್ ಮತ್ತು ಅನಧಿಕೃತ ಪ್ಯಾಕಿಂಗ್ ಘಟಕಗಳ ಮೇಲೆ ಆಹಾರ ಸುರಕ್ಷತೆ ಮತ್ತು ಔಷಧ ನಿಯಂತ್ರಣ ಇಲಾಖೆಯ ಅಧಿಕಾರಿಗಳು ದಾಳಿ ನಡೆಸಿದ್ದರು. ಈ ತಪಾಸಣಾ ಕಾರ್ಯಾಚರಣೆಯ ವೇಳೆ ಪ್ರಸಿದ್ಧ ಬಹುರಾಷ್ಟ್ರೀಯ ಫಾರ್ಮಾ ಕಂಪನಿಗಳು, ಬ್ರ್ಯಾಂಡ್‌ಗಳ ನಕಲಿ ಔಷಧ ಹಾಗೂ ಪ್ಯಾಕಿಂಗ್ ಸಾಮಗ್ರಿಗಳು ಮತ್ತು ಅಂದಾಜು 4.5 ರಿಂದ 5 ಕೋಟಿ ರೂಪಾಯಿ ಮೌಲ್ಯದ ನಕಲಿ ಔಷಧಿಗಳು ಪತ್ತೆಯಾಗಿದ್ದವು. ತುರ್ತು ನಿಗಾ ಘಟಕಗಳಲ್ಲಿ (ICU) ಗಂಭೀರ ಕಾಯಿಲೆಗಳಿಗೆ ಬಳಸುವ ಜೀವ ರಕ್ಷಕ ಔಷಧಗಳನ್ನು ಅತ್ಯಂತ ಕಳಪೆ ಮಟ್ಟದಲ್ಲಿ ನಕಲು ತಯಾರಿಸಿ, ಮಾರುಕಟ್ಟೆಗೆ ಹಾಗೂ ವಿವಿಧ ಆಸ್ಪತ್ರೆಗಳಿಗೆ ಶೇಕಡಾ 50 ರಷ್ಟು ರಿಯಾಯಿತಿ ದರದಲ್ಲಿ ಸರಬರಾಜು ಮಾಡುತ್ತಿದ್ದ ಆತಂಕಕಾರಿ ವಿಷಯ ಬೆಳಕಿಗೆ ಬಂದಿತ್ತು. ಪ್ರಕರಣವನ್ನು ಗಂಭೀರವಾಗಿ ಪರಿಗಣಿಸಿದ ರಾಜ್ಯ ಸರ್ಕಾರ ಎಸ್‌ಐಟಿ ರಚಿಸಿ ಆದೇಶಿಸಿದ್ದು, ಬೃಹತ್ ನಕಲಿ ಔಷಧ ಜಾಲದಲ್ಲಿ ಭಾಗಿಯಾಗಿರುವ ಕಿಂಗ್‌ಪಿನ್‌ಗಳನ್ನು ಪತ್ತೆಹಚ್ಚಿ ಕಠಿಣ ಕ್ರಮ ಕೈಗೊಳ್ಳುವಂತೆ ಸೂಚಿಸಿದೆ. "ನಿರ್ದಿಷ್ಟ ಮಾಹಿತಿಯ ಮೇರೆಗೆ, ಔಷಧ ನಿಯಂತ್ರಣ ವಿಭಾಗದ ಅಧಿಕಾರಿಗಳು ಅಡ್ಡೆಯ ಮೇಲೆ ದಾಳಿ ನಡೆಸಿದ್ದಾರೆ. ಬಿಡದಿಯ ಸಿ.ಕೆ.ಪಾಳ್ಯ ಸಮೀಪದ ಫಾರ್ಮ್‌ಹೌಸ್ ಮೇಲೆ ದಾಳಿ ನಡೆಸಲಾಗಿದೆ.
